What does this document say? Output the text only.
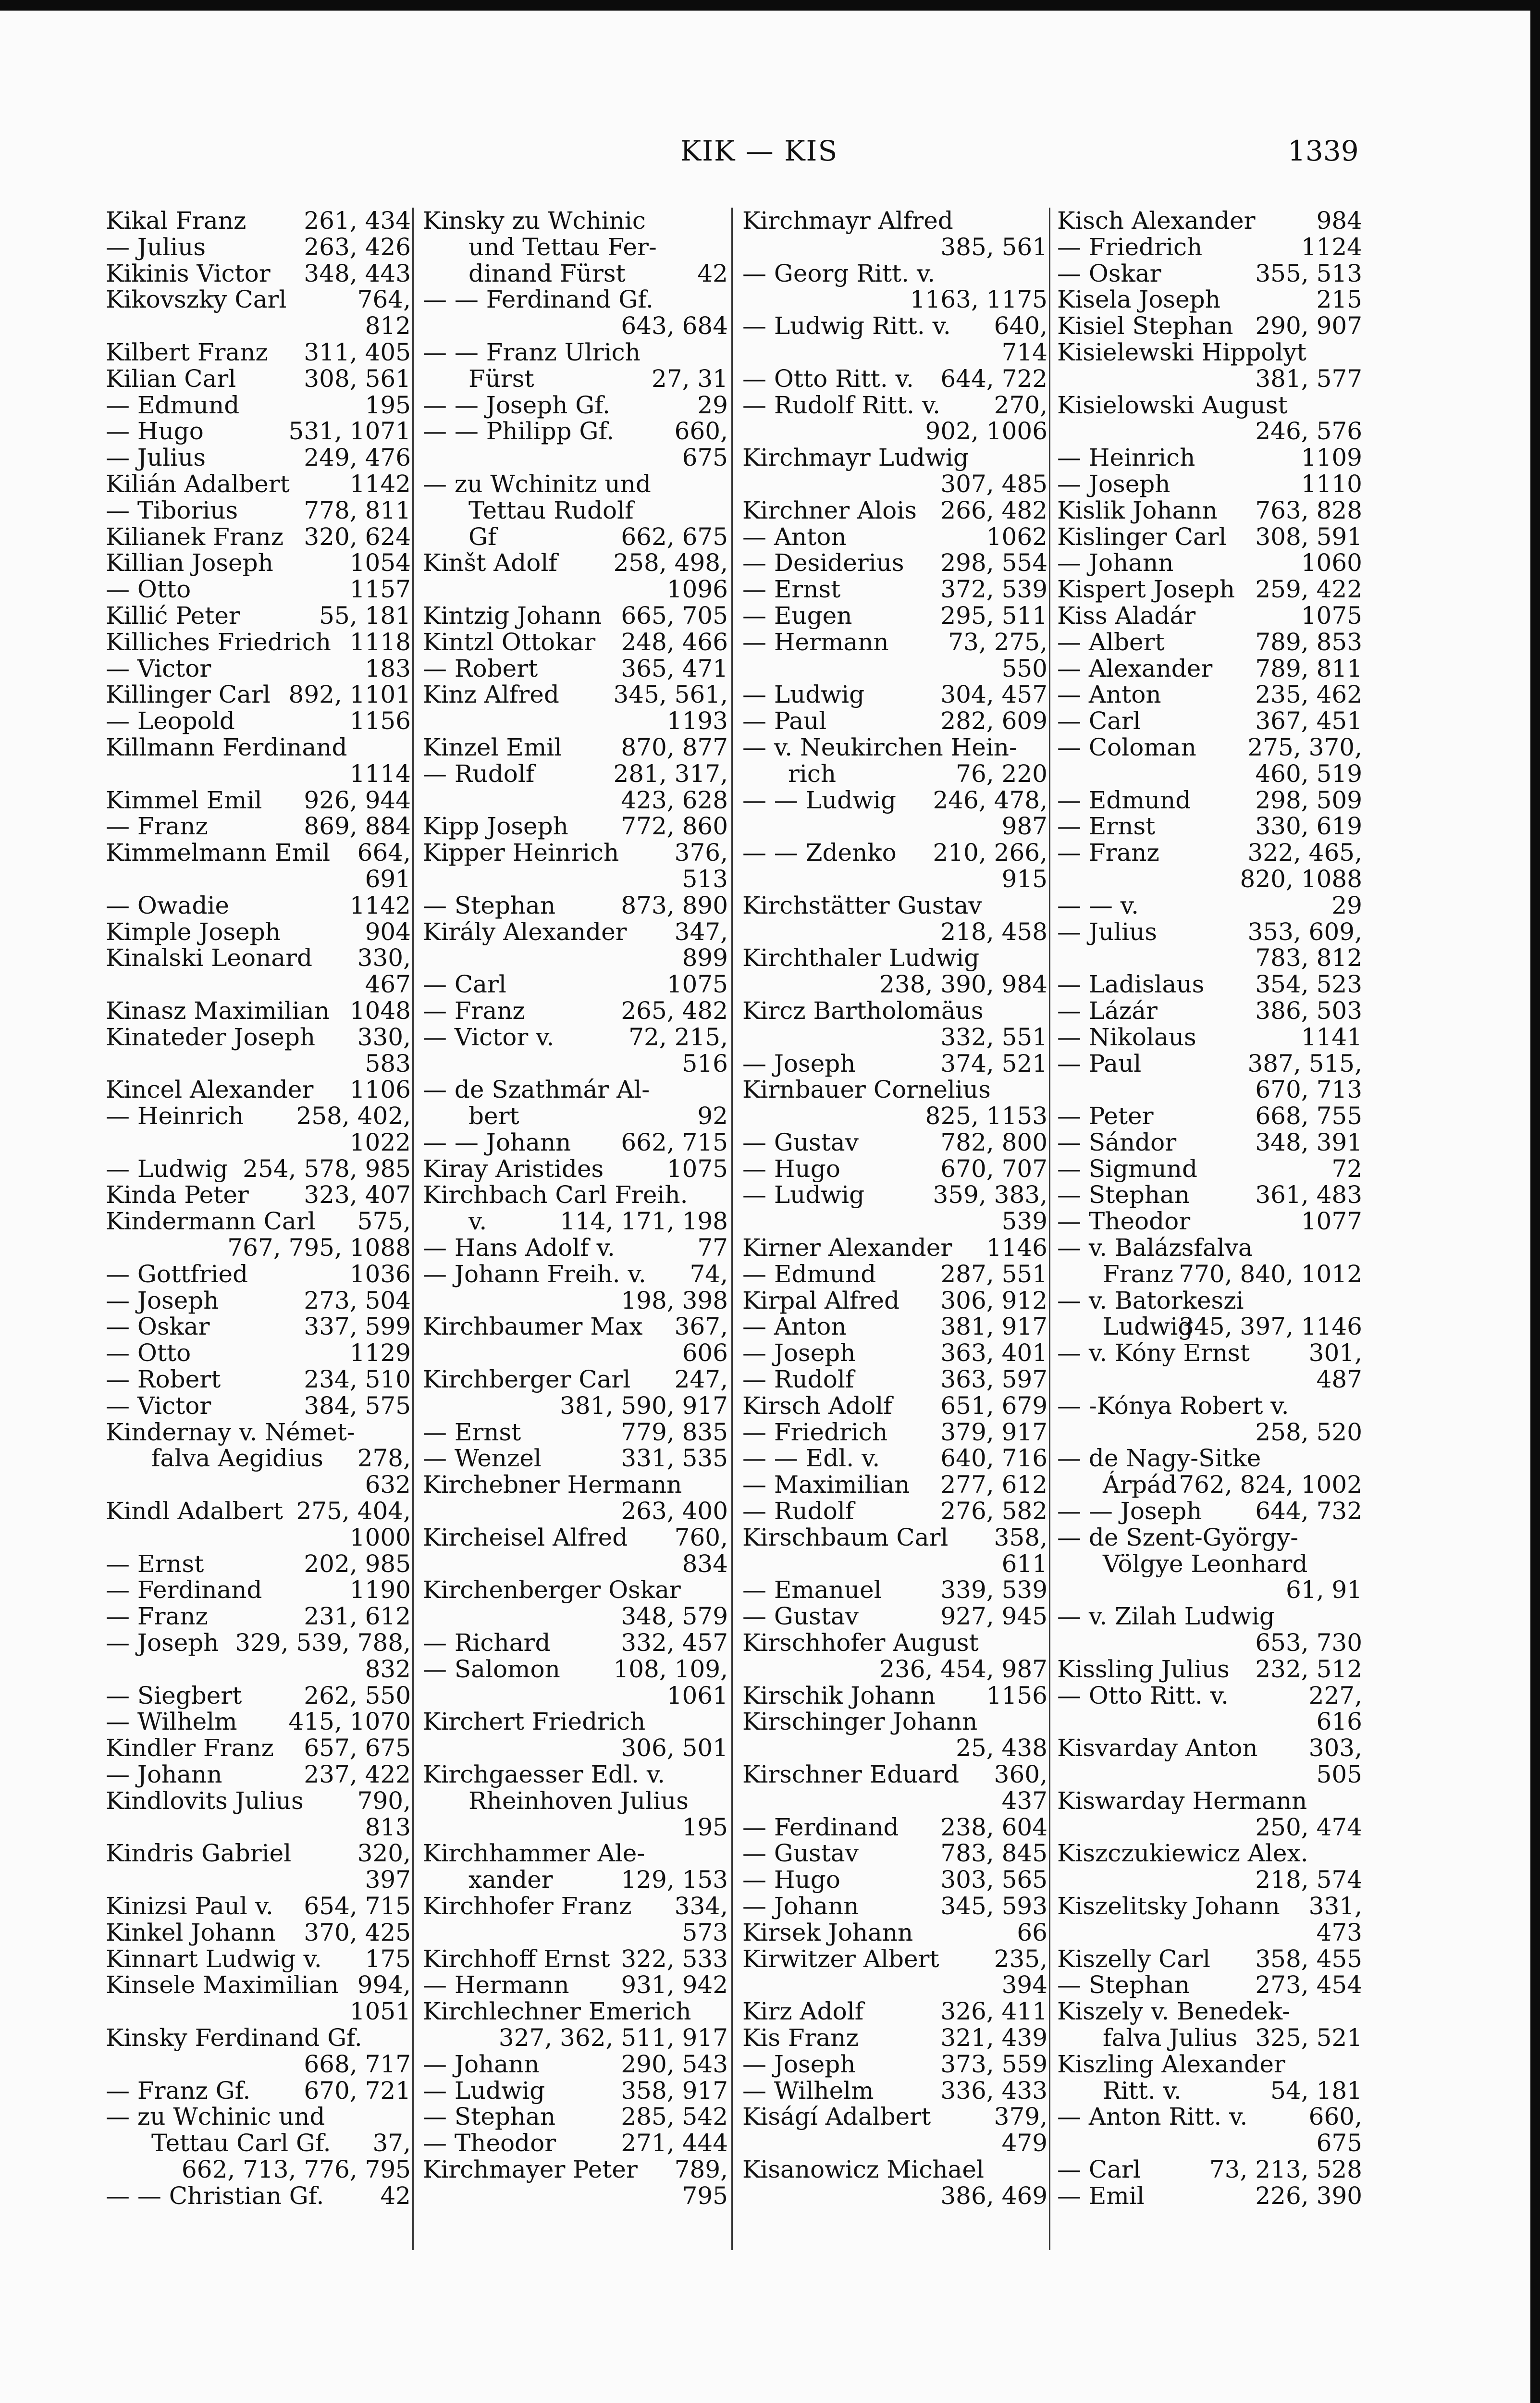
KIK — KIS	1339
Kikal Franz 261, 434
— Julius	263, 426
Kikinis Victor 348, 443
Kikovszky Carl	764,
812
Kilbert Franz 311, 405
Kilian Carl	308, 561
— Edmund	195
— Hugo	531, 1071
— Julius	249, 476
Kilián Adalbert	1142
— Tiborius	778, 811
Kilianek Franz 320, 624
Killian Joseph	1054
— Otto	1157
Killić Peter	55, 181
Killiches Friedrich 1118
— Victor	183
Killinger Carl 892, 1101
— Leopold	1156
Killmann Ferdinand
1114
Kimmel Emil 926, 944
— Franz	869, 884
Kimmelmann Emil 664,
691
— Owadie	1142
Kimple Joseph	904
Kinalski Leonard 330,
467
Kinasz Maximilian 1048
Kinateder Joseph 330,
583
Kincel Alexander 1106
— Heinrich 258, 402,
1022
— Ludwig 254, 578, 985
Kinda Peter 323, 407
Kindermann Carl 575,
767, 795, 1088
— Gottfried	1036
— Joseph	273, 504
— Oskar	337, 599
— Otto	1129
— Robert	234, 510
— Victor	384, 575
Kindernay v. Német-
falva Aegidius 278,
632
Kindl Adalbert 275, 404,
1000
— Ernst	202, 985
— Ferdinand	1190
— Franz	231, 612
— Joseph 329, 539, 788,
832
— Siegbert	262, 550
— Wilhelm 415, 1070
Kindler Franz 657, 675
— Johann	237, 422
Kindlovits Julius 790,
813
Kindris Gabriel	320,
397
Kinizsi Paul v. 654, 715
Kinkel Johann 370, 425
Kinnart Ludwig v. 175
Kinsele Maximilian 994,
1051
Kinsky Ferdinand Gf.
668, 717
— Franz Gf. 670, 721
— zu Wchinic und
Tettau Carl Gf. 37,
662, 713, 776, 795
— — Christian Gf. 42
Kinsky zu Wchinic
und Tettau Fer-
dinand Fürst	42
— — Ferdinand Gf.
643, 684
— — Franz Ulrich
Fürst	27, 31
— — Joseph Gf.	29
— — Philipp Gf.	660,
675
— zu Wchinitz und
Tettau Rudolf
Gf	662, 675
Kinšt Adolf 258, 498,
1096
Kintzig Johann 665, 705
Kintzl Ottokar 248, 466
— Robert	365, 471
Kinz Alfred 345, 561,
1193
Kinzel Emil 870, 877
— Rudolf	281, 317,
423, 628
Kipp Joseph 772, 860
Kipper Heinrich 376,
513
— Stephan	873, 890
Király Alexander 347,
899
— Carl	1075
— Franz	265, 482
— Victor v.	72, 215,
516
— de Szathmár Al-
bert	92
— — Johann 662, 715
Kiray Aristides	1075
Kirchbach Carl Freih.
v.	114, 171, 198
— Hans Adolf v.	77
— Johann Freih. v. 74,
198, 398
Kirchbaumer Max 367,
606
Kirchberger Carl 247,
381, 590, 917
— Ernst	779, 835
— Wenzel	331, 535
Kirchebner Hermann
263, 400
Kircheisel Alfred 760,
834
Kirchenberger Oskar
348, 579
— Richard	332, 457
— Salomon 108, 109,
1061
Kirchert Friedrich
306, 501
Kirchgaesser Edl. v.
Rheinhoven Julius
195
Kirchhammer Ale-
xander	129, 153
Kirchhofer Franz 334,
573
Kirchhoff Ernst 322, 533
— Hermann 931, 942
Kirchlechner Emerich
327, 362, 511, 917
— Johann	290, 543
— Ludwig	358, 917
— Stephan	285, 542
— Theodor	271, 444
Kirchmayer Peter 789,
795
Kirchmayr Alfred
385, 561
— Georg Ritt. v.
1163, 1175
— Ludwig Ritt. v. 640,
714
— Otto Ritt. v. 644, 722
— Rudolf Ritt. v. 270,
902, 1006
Kirchmayr Ludwig
307, 485
Kirchner Alois 266, 482
— Anton	1062
— Desiderius 298, 554
— Ernst	372, 539
— Eugen	295, 511
— Hermann 73, 275,
550
— Ludwig	304, 457
— Paul	282, 609
— v. Neukirchen Hein-
rich	76, 220
— — Ludwig 246, 478,
987
— — Zdenko 210, 266,
915
Kirchstätter Gustav
218, 458
Kirchthaler Ludwig
238, 390, 984
Kircz Bartholomäus
332, 551
— Joseph	374, 521
Kirnbauer Cornelius
825, 1153
— Gustav	782, 800
— Hugo	670, 707
— Ludwig	359, 383,
539
Kirner Alexander 1146
— Edmund	287, 551
Kirpal Alfred 306, 912
— Anton	381, 917
— Joseph	363, 401
— Rudolf	363, 597
Kirsch Adolf 651, 679
— Friedrich 379, 917
— — Edl. v.	640, 716
— Maximilian 277, 612
— Rudolf	276, 582
Kirschbaum Carl 358,
611
— Emanuel 339, 539
— Gustav	927, 945
Kirschhofer August
236, 454, 987
Kirschik Johann 1156
Kirschinger Johann
25, 438
Kirschner Eduard 360,
437
— Ferdinand 238, 604
— Gustav	783, 845
— Hugo	303, 565
— Johann	345, 593
Kirsek Johann	66
Kirwitzer Albert 235,
394
Kirz Adolf	326, 411
Kis Franz	321, 439
— Joseph	373, 559
— Wilhelm	336, 433
Kiságí Adalbert	379,
479
Kisanowicz Michael
386, 469
Kisch Alexander	984
— Friedrich	1124
— Oskar	355, 513
Kisela Joseph	215
Kisiel Stephan 290, 907
Kisielewski Hippolyt
381, 577
Kisielowski August
246, 576
— Heinrich	1109
— Joseph	1110
Kislik Johann 763, 828
Kislinger Carl 308, 591
— Johann	1060
Kispert Joseph 259, 422
Kiss Aladár	1075
— Albert	789, 853
— Alexander 789, 811
— Anton	235, 462
— Carl	367, 451
— Coloman 275, 370,
460, 519
— Edmund	298, 509
— Ernst	330, 619
— Franz	322, 465,
820, 1088
— — v.	29
— Julius	353, 609,
783, 812
— Ladislaus 354, 523
— Lázár	386, 503
— Nikolaus	1141
— Paul	387, 515,
670, 713
— Peter	668, 755
— Sándor	348, 391
— Sigmund	72
— Stephan	361, 483
— Theodor	1077
— v. Balázsfalva
Franz 770, 840, 1012
— v. Batorkeszi
Ludwig
345, 397, 1146
— v. Kóny Ernst 301,
487
— -Kónya Robert v.
258, 520
— de Nagy-Sitke
Árpád 762, 824, 1002
— — Joseph 644, 732
— de Szent-György-
Völgye Leonhard
61, 91
— v. Zilah Ludwig
653, 730
Kissling Julius 232, 512
— Otto Ritt. v.	227,
616
Kisvarday Anton 303,
505
Kiswarday Hermann
250, 474
Kiszczukiewicz Alex.
218, 574
Kiszelitsky Johann 331,
473
Kiszelly Carl 358, 455
— Stephan	273, 454
Kiszely v. Benedek-
falva Julius 325, 521
Kiszling Alexander
Ritt. v.	54, 181
— Anton Ritt. v.	660,
675
— Carl	73, 213, 528
— Emil	226, 390
